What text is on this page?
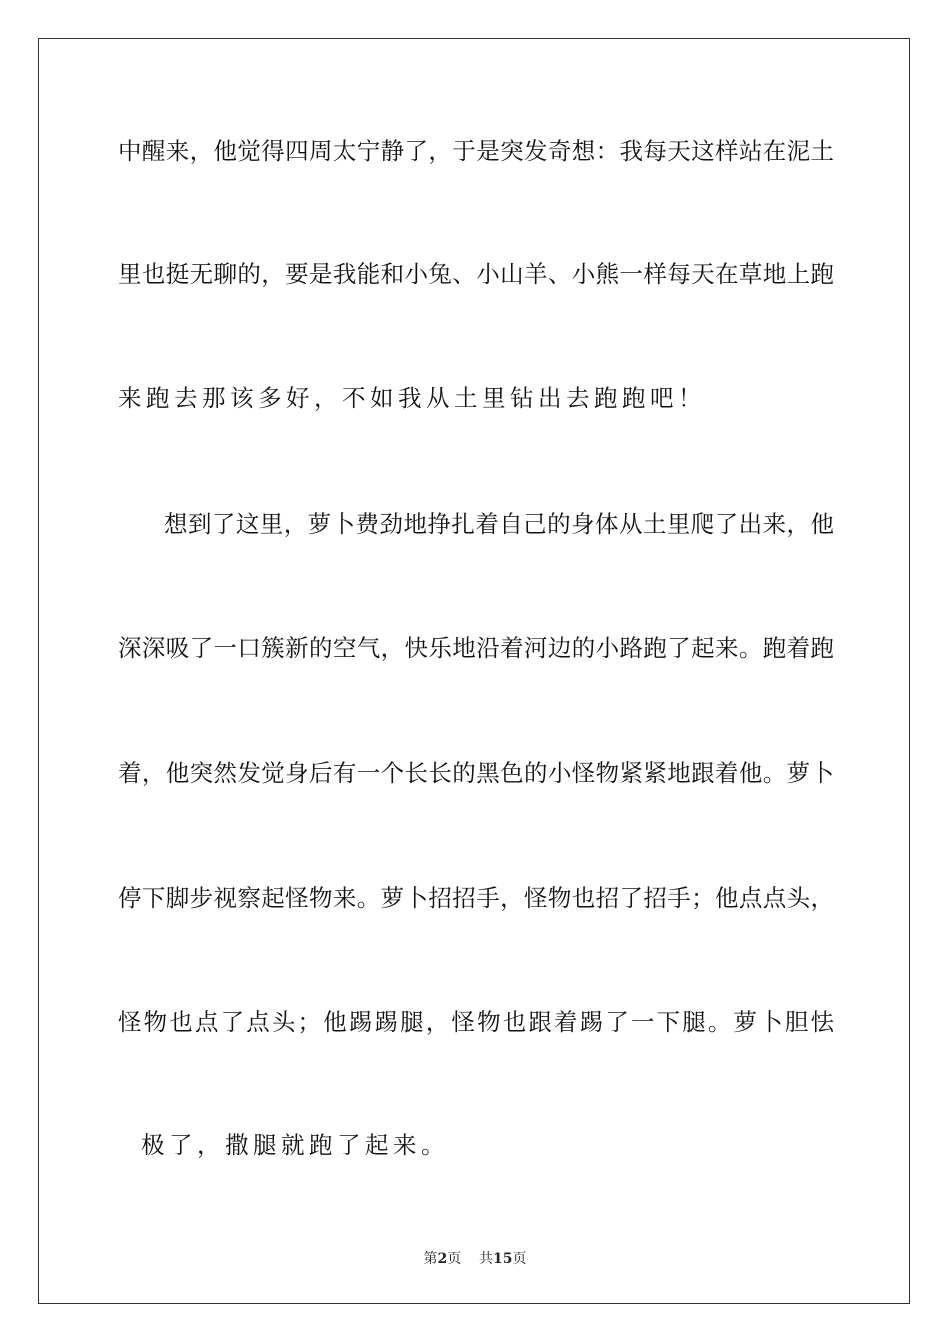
中醒来，他觉得四周太宁静了，于是突发奇想：我每天这样站在泥土
里也挺无聊的，要是我能和小兔、小山羊、小熊一样每天在草地上跑
来跑去那该多好，不如我从土里钻出去跑跑吧！
想到了这里，萝卜费劲地挣扎着自己的身体从土里爬了出来，他
深深吸了一口簇新的空气，快乐地沿着河边的小路跑了起来。跑着跑
着，他突然发觉身后有一个长长的黑色的小怪物紧紧地跟着他。萝卜
停下脚步视察起怪物来。萝卜招招手，怪物也招了招手；他点点头，
怪物也点了点头；他踢踢腿，怪物也跟着踢了一下腿。萝卜胆怯
极了，撒腿就跑了起来。
第2页 共15页
